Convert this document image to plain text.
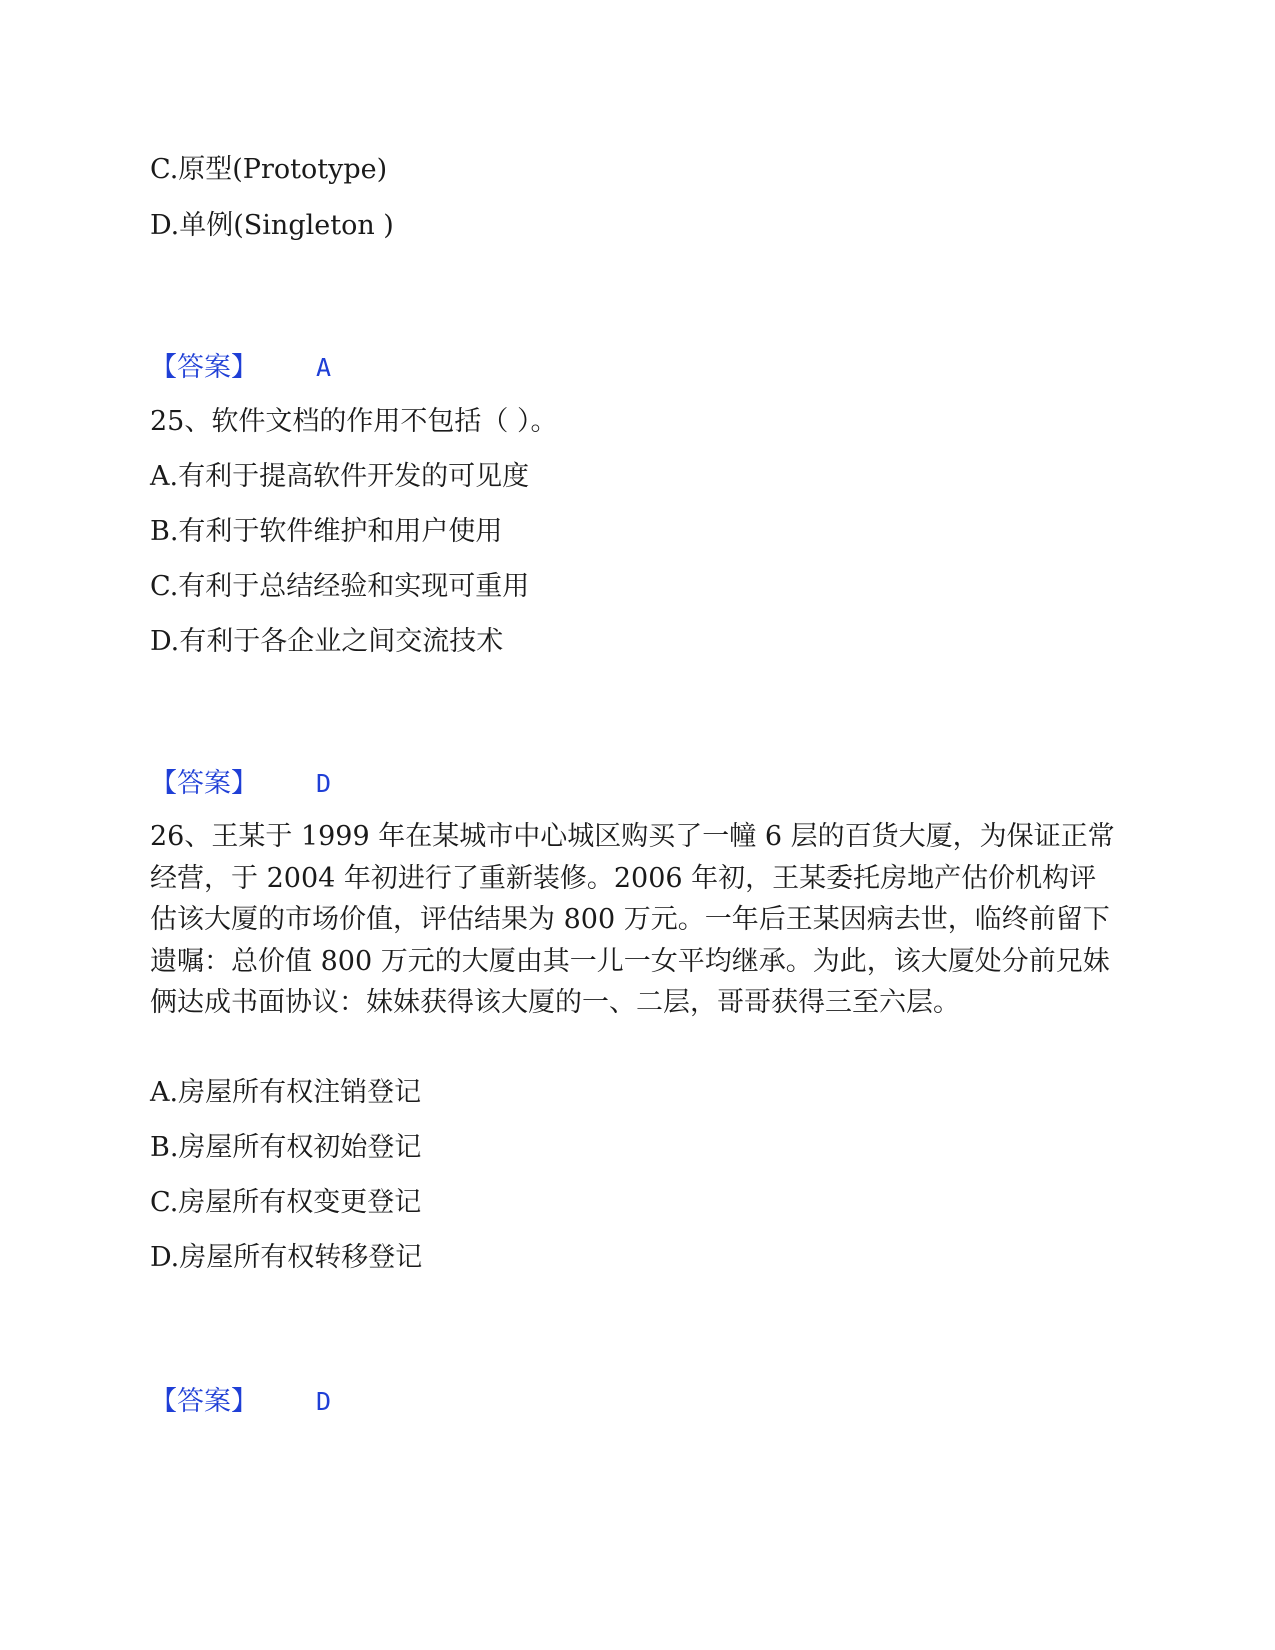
C.原型(Prototype)
D.单例(Singleton )
【答案】 A
25、软件文档的作用不包括（ ）。
A.有利于提高软件开发的可见度
B.有利于软件维护和用户使用
C.有利于总结经验和实现可重用
D.有利于各企业之间交流技术
【答案】 D
26、王某于 1999 年在某城市中心城区购买了一幢 6 层的百货大厦，为保证正常经营，于 2004 年初进行了重新装修。2006 年初，王某委托房地产估价机构评估该大厦的市场价值，评估结果为 800 万元。一年后王某因病去世，临终前留下遗嘱：总价值 800 万元的大厦由其一儿一女平均继承。为此，该大厦处分前兄妹俩达成书面协议：妹妹获得该大厦的一、二层，哥哥获得三至六层。
A.房屋所有权注销登记
B.房屋所有权初始登记
C.房屋所有权变更登记
D.房屋所有权转移登记
【答案】 D
